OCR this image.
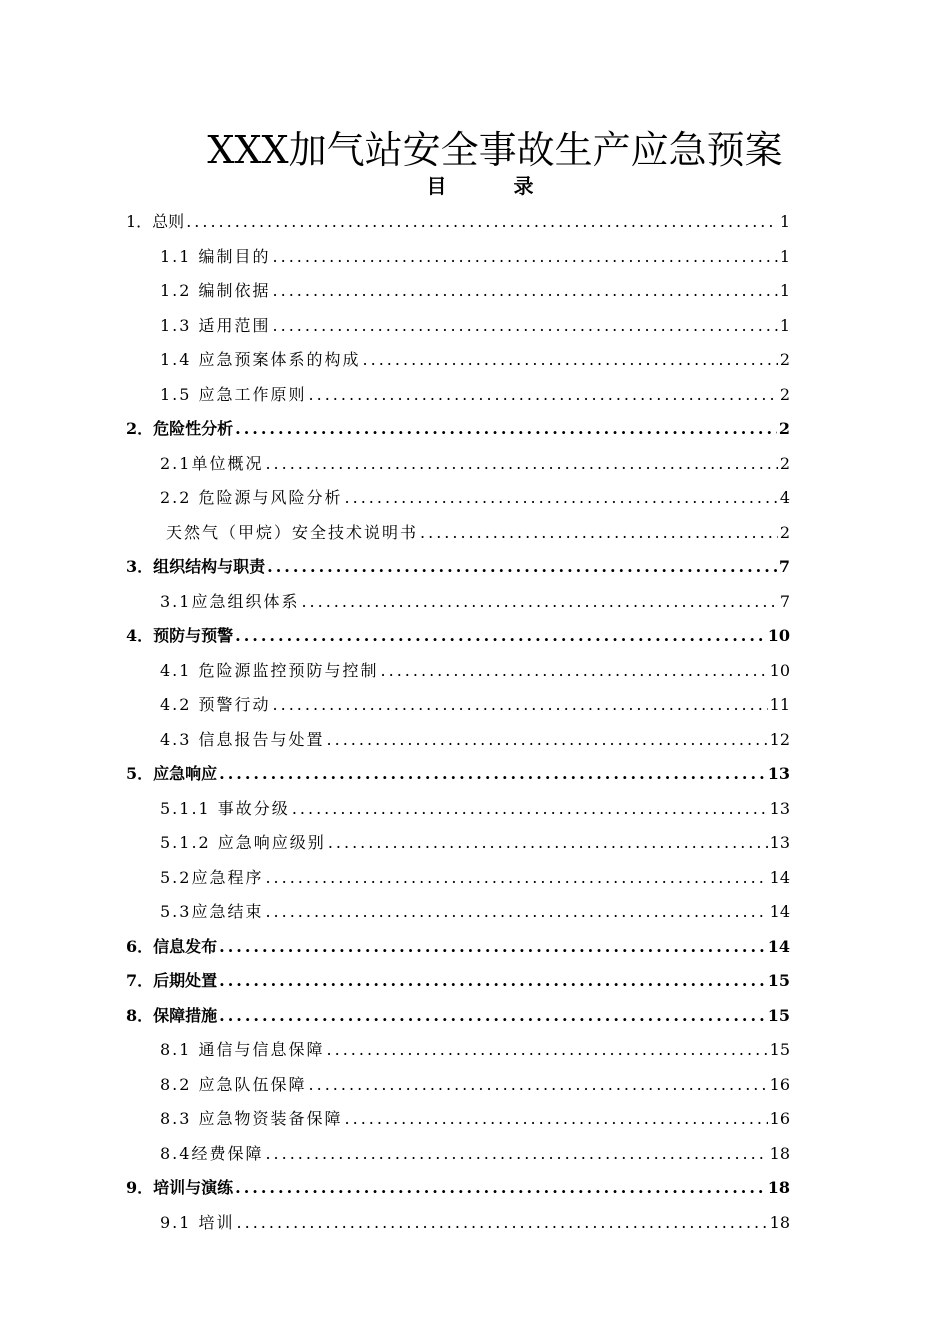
XXX加气站安全事故生产应急预案
目 录
1．总则 .....	1
1.1 编制目的 .....	1
1.2 编制依据 .....	1
1.3 适用范围 .....	1
1.4 应急预案体系的构成 .....	2
1.5 应急工作原则 .....	2
2．危险性分析 .....	2
2.1单位概况 .....	2
2.2 危险源与风险分析 .....	4
天然气（甲烷）安全技术说明书 .....	2
3．组织结构与职责 .....	7
3.1应急组织体系 .....	7
4．预防与预警 .....	10
4.1 危险源监控预防与控制 .....	10
4.2 预警行动 .....	11
4.3 信息报告与处置 .....	12
5．应急响应 .....	13
5.1.1 事故分级 .....	13
5.1.2 应急响应级别 .....	13
5.2应急程序 .....	14
5.3应急结束 .....	14
6．信息发布 .....	14
7．后期处置 .....	15
8．保障措施 .....	15
8.1 通信与信息保障 .....	15
8.2 应急队伍保障 .....	16
8.3 应急物资装备保障 .....	16
8.4经费保障 .....	18
9．培训与演练 .....	18
9.1 培训 .....	18
